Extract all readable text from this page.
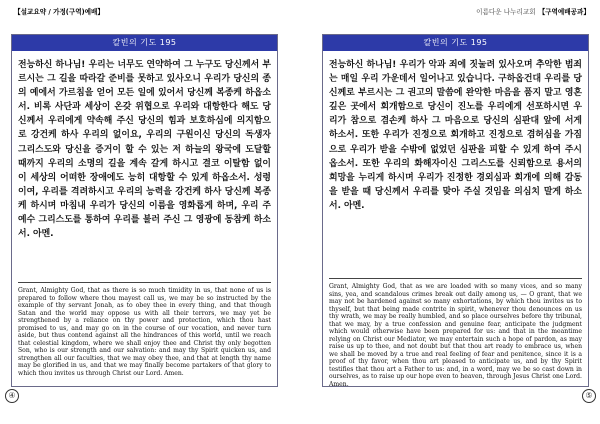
【설교요약 / 가정(구역)예배】	이름다운 나누리교회 【구역예배공과】
칼빈의 기도 195
전능하신 하나님! 우리는 너무도 연약하여 그 누구도 당신께서 부르시는 그 길을 따라갈 준비를 못하고 있사오니 우리가 당신의 종의 예에서 가르침을 얻어 모든 일에 있어서 당신께 복종케 하옵소서. 비록 사단과 세상이 온갖 위협으로 우리와 대항한다 해도 당신께서 우리에게 약속해 주신 당신의 힘과 보호하심에 의지함으로 강건케 하사 우리의 없이요, 우리의 구원이신 당신의 독생자 그리스도와 당신을 증거이 할 수 있는 저 하늘의 왕국에 도달할 때까지 우리의 소명의 길을 계속 갈게 하시고 결코 이탈함 없이 이 세상의 어떠한 장애에도 능히 대항할 수 있게 하옵소서. 성령이여, 우리를 격려하시고 우리의 능력을 강건케 하사 당신께 복종케 하시며 마침내 우리가 당신의 이름을 영화롭게 하며, 우리 주 예수 그리스도를 통하여 우리를 불러 주신 그 영광에 동참케 하소서. 아멘.
Grant, Almighty God, that as there is so much timidity in us, that none of us is prepared to follow where thou mayest call us, we may be so instructed by the example of thy servant Jonah, as to obey thee in every thing, and that though Satan and the world may oppose us with all their terrors, we may yet be strengthened by a reliance on thy power and protection, which thou hast promised to us, and may go on in the course of our vocation, and never turn aside, but thus contend against all the hindrances of this world, until we reach that celestial kingdom, where we shall enjoy thee and Christ thy only begotten Son, who is our strength and our salvation: and may thy Spirit quicken us, and strengthen all our faculties, that we may obey thee, and that at length thy name may be glorified in us, and that we may finally become partakers of that glory to which thou invites us through Christ our Lord. Amen.
칼빈의 기도 195
전능하신 하나님! 우리가 악과 죄에 짓눌려 있사오며 추악한 범죄는 매일 우리 가운데서 일어나고 있습니다. 구하옵건대 우리를 당신께로 부르시는 그 권고의 말씀에 완악한 마음을 품지 말고 영혼 깊은 곳에서 회개함으로 당신이 진노를 우리에게 선포하시면 우리가 참으로 겸손케 하사 그 마음으로 당신의 심판대 앞에 서게 하소서. 또한 우리가 진정으로 회개하고 진정으로 겸허심을 가짐으로 우리가 받을 수밖에 없었던 심판을 피할 수 있게 하여 주시옵소서. 또한 우리의 화해자이신 그리스도를 신뢰함으로 용서의 희망을 누리게 하시며 우리가 진정한 경외심과 회개에 의해 감동을 받을 때 당신께서 우리를 맞아 주실 것임을 의심치 말게 하소서. 아멘.
Grant, Almighty God, that as we are loaded with so many vices, and so many sins, yea, and scandalous crimes break out daily among us, — O grant, that we may not be hardened against so many exhortations, by which thou invites us to thyself, but that being made contrite in spirit, whenever thou denounces on us thy wrath, we may be really humbled, and so place ourselves before thy tribunal, that we may, by a true confession and genuine fear, anticipate the judgment which would otherwise have been prepared for us: and that in the meantime relying on Christ our Mediator, we may entertain such a hope of pardon, as may raise us up to thee, and not doubt but that thou art ready to embrace us, when we shall be moved by a true and real feeling of fear and penitence, since it is a proof of thy favor, when thou art pleased to anticipate us, and by thy Spirit testifies that thou art a Father to us: and, in a word, may we be so cast down in ourselves, as to raise up our hope even to heaven, through Jesus Christ one Lord. Amen.
④	⑤
